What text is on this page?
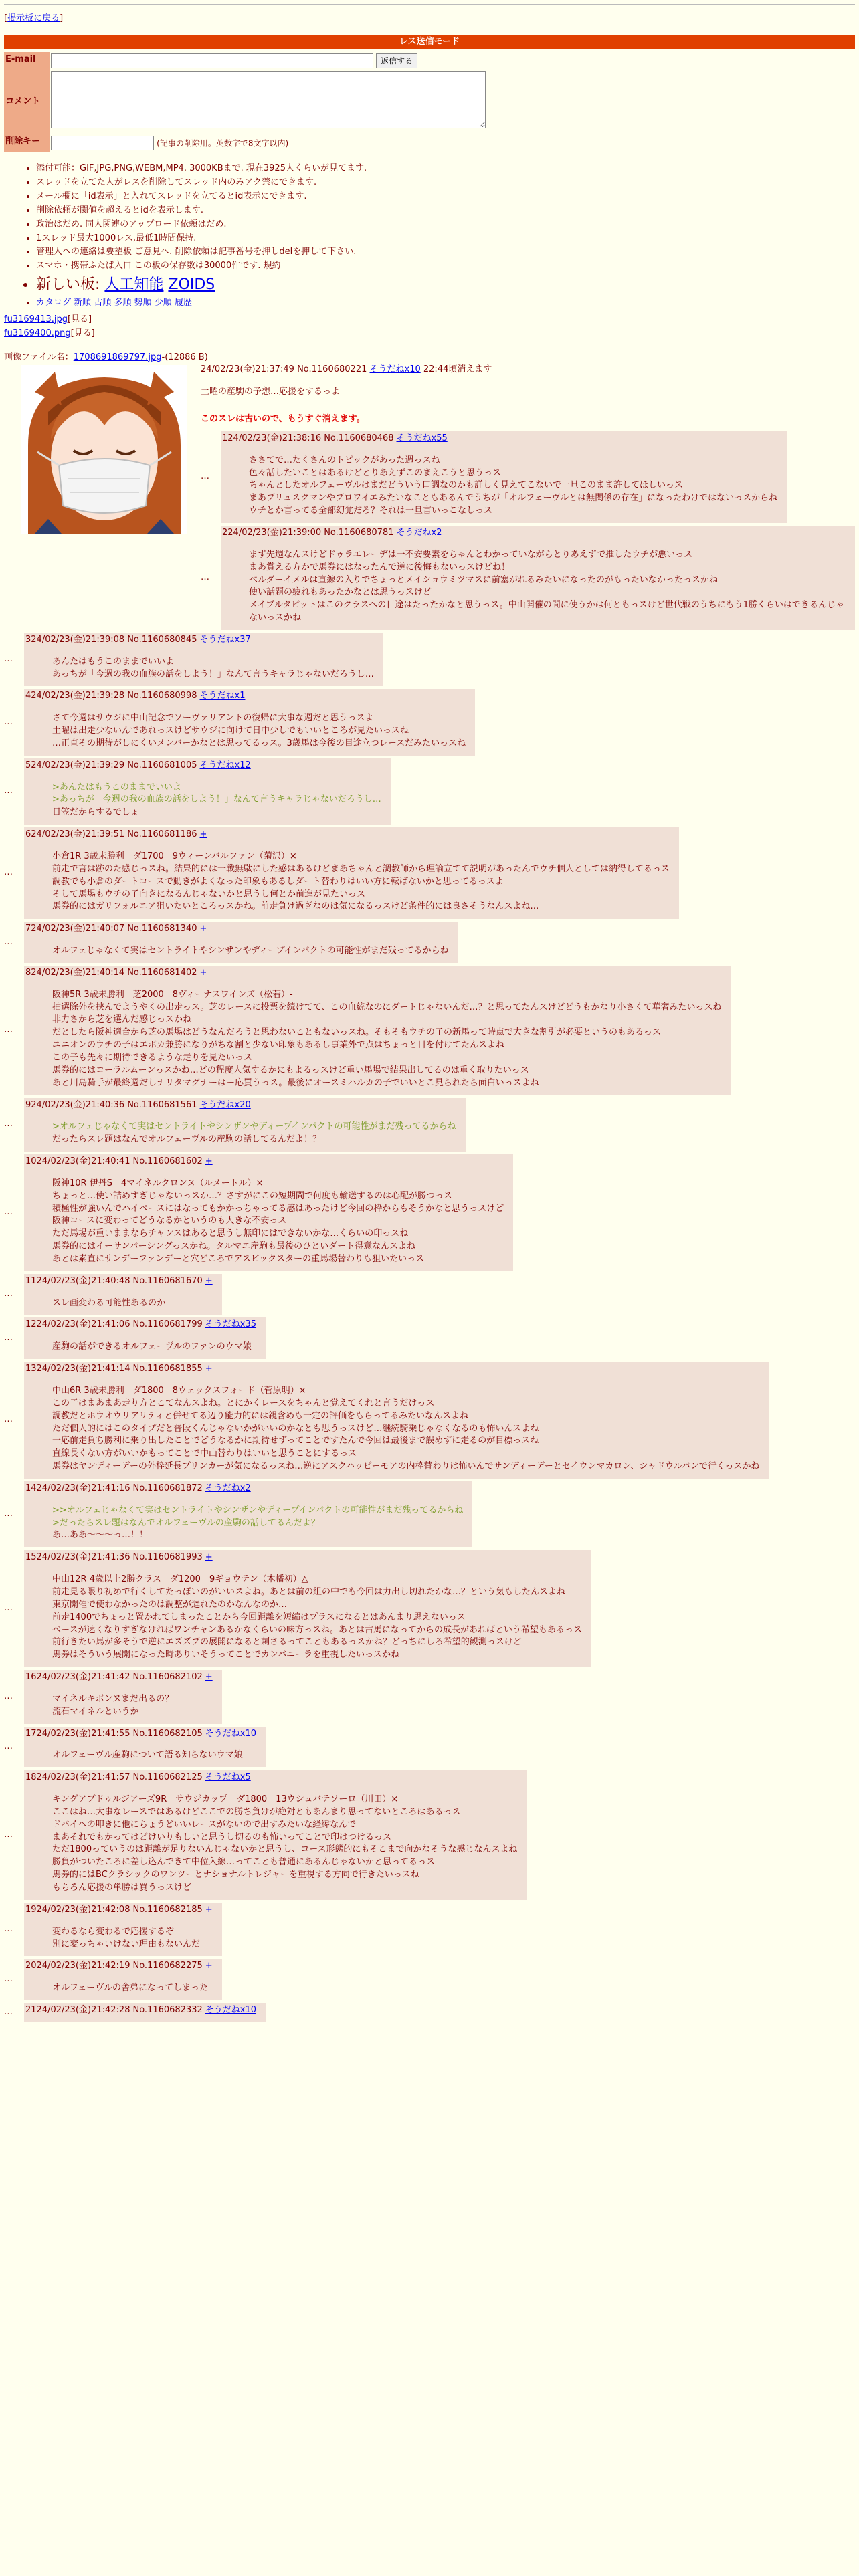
[掲示板に戻る]
レス送信モード
E-mail	返信する
コメント	
削除キー	(記事の削除用。英数字で8文字以内)
• 添付可能：GIF,JPG,PNG,WEBM,MP4. 3000KBまで. 現在3925人くらいが見てます.
• スレッドを立てた人がレスを削除してスレッド内のみアク禁にできます.
• メール欄に「id表示」と入れてスレッドを立てるとid表示にできます.
• 削除依頼が閾値を超えるとidを表示します.
• 政治はだめ. 同人関連のアップロード依頼はだめ.
• 1スレッド最大1000レス,最低1時間保持.
• 管理人への連絡は要望板 ご意見へ. 削除依頼は記事番号を押しdelを押して下さい.
• スマホ・携帯ふたば入口 この板の保存数は30000件です. 規約
• 新しい板: 人工知能 ZOIDS
• カタログ 新順 古順 多順 勢順 少順 履歴
fu3169413.jpg[見る]
fu3169400.png[見る]
画像ファイル名：1708691869797.jpg-(12886 B)
24/02/23(金)21:37:49 No.1160680221 そうだねx10 22:44頃消えます
土曜の産駒の予想…応援をするっよ
このスレは古いので、もうすぐ消えます。
…
124/02/23(金)21:38:16 No.1160680468 そうだねx55
ささてで…たくさんのトピックがあった週っスね
色々話したいことはあるけどとりあえずこのまえこうと思うっス
ちゃんとしたオルフェーヴルはまだどういう口調なのかも詳しく見えてこないで一旦このまま許してほしいっス
まあブリュスクマンやブロワイエみたいなこともあるんでうちが「オルフェーヴルとは無関係の存在」になったわけではないっスからね
ウチとか言ってる全部幻覚だろ？それは一旦言いっこなしっス
…
224/02/23(金)21:39:00 No.1160680781 そうだねx2
まず先週なんスけどドゥラエレーデは一不安要素をちゃんとわかっていながらとりあえずで推したウチが悪いっス
まあ賞える方かで馬券にはなったんで逆に後悔もないっスけどね！
ベルダーイメルは直線の入りでちょっとメイショウミツマスに前塞がれるみたいになったのがもったいなかったっスかね
使い話題の疲れもあったかなとは思うっスけど
メイプルタピットはこのクラスへの目途はたったかなと思うっス。中山開催の間に使うかは何ともっスけど世代戦のうちにもう1勝くらいはできるんじゃないっスかね
…
324/02/23(金)21:39:08 No.1160680845 そうだねx37
あんたはもうこのままでいいよ
あっちが「今週の我の血族の話をしよう！」なんて言うキャラじゃないだろうし…
…
424/02/23(金)21:39:28 No.1160680998 そうだねx1
さて今週はサウジに中山記念でソーヴァリアントの復帰に大事な週だと思うっスよ
土曜は出走少ないんであれっスけどサウジに向けて日中少しでもいいところが見たいっスね
…正直その期待がしにくいメンバーかなとは思ってるっス。3歳馬は今後の目途立つレースだみたいっスね
…
524/02/23(金)21:39:29 No.1160681005 そうだねx12
>あんたはもうこのままでいいよ
>あっちが「今週の我の血族の話をしよう！」なんて言うキャラじゃないだろうし…
日笠だからするでしょ
…
624/02/23(金)21:39:51 No.1160681186 +
小倉1R 3歳未勝利　ダ1700　9ウィーンバルファン（菊沢）×
前走で言は跡のた感じっスね。結果的には一戦無駄にした感はあるけどまあちゃんと調教師から理論立てて説明があったんでウチ個人としては納得してるっス
調教でも小倉のダートコースで動きがよくなった印象もあるしダート替わりはいい方に転ばないかと思ってるっスよ
そして馬場もウチの子向きになるんじゃないかと思うし何とか前進が見たいっス
馬券的にはガリフォルニア狙いたいところっスかね。前走負け過ぎなのは気になるっスけど条件的には良さそうなんスよね…
…
724/02/23(金)21:40:07 No.1160681340 +
オルフェじゃなくて実はセントライトやシンザンやディープインパクトの可能性がまだ残ってるからね
…
824/02/23(金)21:40:14 No.1160681402 +
阪神5R 3歳未勝利　芝2000　8ヴィーナスワインズ（松若）-
抽選除外を挟んでようやくの出走っス。芝のレースに投票を続けてて、この血統なのにダートじゃないんだ…？と思ってたんスけどどうもかなり小さくて華奢みたいっスね
非力さから芝を選んだ感じっスかね
だとしたら阪神適合から芝の馬場はどうなんだろうと思わないこともないっスね。そもそもウチの子の新馬って時点で大きな割引が必要というのもあるっス
ユニオンのウチの子はエボカ兼勝になりがちな割と少ない印象もあるし事業外で点はちょっと目を付けてたんスよね
この子も先々に期待できるような走りを見たいっス
馬券的にはコーラルムーンっスかね…どの程度人気するかにもよるっスけど重い馬場で結果出してるのは重く取りたいっス
あと川島騎手が最終週だしナリタマグナーはー応買うっス。最後にオースミハルカの子でいいとこ見られたら面白いっスよね
…
924/02/23(金)21:40:36 No.1160681561 そうだねx20
>オルフェじゃなくて実はセントライトやシンザンやディープインパクトの可能性がまだ残ってるからね
だったらスレ題はなんでオルフェーヴルの産駒の話してるんだよ！？
…
1024/02/23(金)21:40:41 No.1160681602 +
阪神10R 伊丹S　4マイネルクロンヌ（ルメートル）×
ちょっと…使い詰めすぎじゃないっスか…？さすがにこの短期間で何度も輸送するのは心配が勝つっス
積極性が強いんでハイペースにはなってもかかっちゃってる感はあったけど今回の枠からもそうかなと思うっスけど
阪神コースに変わってどうなるかというのも大きな不安っス
ただ馬場が重いままならチャンスはあると思うし無印にはできないかな…くらいの印っスね
馬券的にはイーサンパーシングっスかね。タルマエ産駒も最後のひといダート得意なんスよね
あとは素直にサンデーファンデーと穴どころでアスビックスターの重馬場替わりも狙いたいっス
…
1124/02/23(金)21:40:48 No.1160681670 +
スレ画変わる可能性あるのか
…
1224/02/23(金)21:41:06 No.1160681799 そうだねx35
産駒の話ができるオルフェーヴルのファンのウマ娘
…
1324/02/23(金)21:41:14 No.1160681855 +
中山6R 3歳未勝利　ダ1800　8ウェックスフォード（菅原明）×
この子はまあまあ走り方とこてなんスよね。とにかくレースをちゃんと覚えてくれと言うだけっス
調教だとホウオウリアリティと併せてる辺り能力的には親含めも一定の評価をもらってるみたいなんスよね
ただ個人的にはこのタイプだと普段くんじゃないかがいいのかなとも思うっスけど…継続騎乗じゃなくなるのも怖いんスよね
一応前走負ち勝利に乗り出したことでどうなるかに期待せずってことですたんで今回は最後まで誤めずに走るのが目標っスね
直線長くない方がいいかもってことで中山替わりはいいと思うことにするっス
馬券はヤンディーデーの外枠延長ブリンカーが気になるっスね…逆にアスクハッピーモアの内枠替わりは怖いんでサンディーデーとセイウンマカロン、シャドウルバンで行くっスかね
…
1424/02/23(金)21:41:16 No.1160681872 そうだねx2
>>オルフェじゃなくて実はセントライトやシンザンやディープインパクトの可能性がまだ残ってるからね
>だったらスレ題はなんでオルフェーヴルの産駒の話してるんだよ？
あ…ああ～～～っ…！！
…
1524/02/23(金)21:41:36 No.1160681993 +
中山12R 4歳以上2勝クラス　ダ1200　9ギョウテン（木幡初）△
前走見る限り初めで行くしてたっぽいのがいいスよね。あとは前の組の中でも今回は力出し切れたかな…？という気もしたんスよね
東京開催で使わなかったのは調整が遅れたのかなんなのか…
前走1400でちょっと置かれてしまったことから今回距離を短縮はプラスになるとはあんまり思えないっス
ペースが速くなりすぎなければワンチャンあるかなくらいの味方っスね。あとは古馬になってからの成長があればという希望もあるっス
前行きたい馬が多そうで逆にエズズブの展開になると刺さるってこともあるっスかね？どっちにしろ希望的観測っスけど
馬券はそういう展開になった時ありいそうってことでカンバニーラを重視したいっスかね
…
1624/02/23(金)21:41:42 No.1160682102 +
マイネルキボンヌまだ出るの？
流石マイネルというか
…
1724/02/23(金)21:41:55 No.1160682105 そうだねx10
オルフェーヴル産駒について語る知らないウマ娘
…
1824/02/23(金)21:41:57 No.1160682125 そうだねx5
キングアブドゥルジアーズ9R　サウジカップ　ダ1800　13ウシュバテソーロ（川田）×
ここはね…大事なレースではあるけどここでの勝ち負けが絶対ともあんまり思ってないところはあるっス
ドバイへの叩きに他にちょうどいいレースがないので出すみたいな経緯なんで
まあそれでもかってはどけいりもしいと思うし切るのも怖いってことで印はつけるっス
ただ1800っていうのは距離が足りないんじゃないかと思うし、コース形態的にもそこまで向かなそうな感じなんスよね
勝負がついたころに差し込んできて中位入線…ってことも普通にあるんじゃないかと思ってるっス
馬券的にはBCクラシックのワンツーとナショナルトレジャーを重視する方向で行きたいっスね
もちろん応援の単勝は買うっスけど
…
1924/02/23(金)21:42:08 No.1160682185 +
変わるなら変わるで応援するぞ
別に変っちゃいけない理由もないんだ
…
2024/02/23(金)21:42:19 No.1160682275 +
オルフェーヴルの舎弟になってしまった
…	2124/02/23(金)21:42:28 No.1160682332 そうだねx10
